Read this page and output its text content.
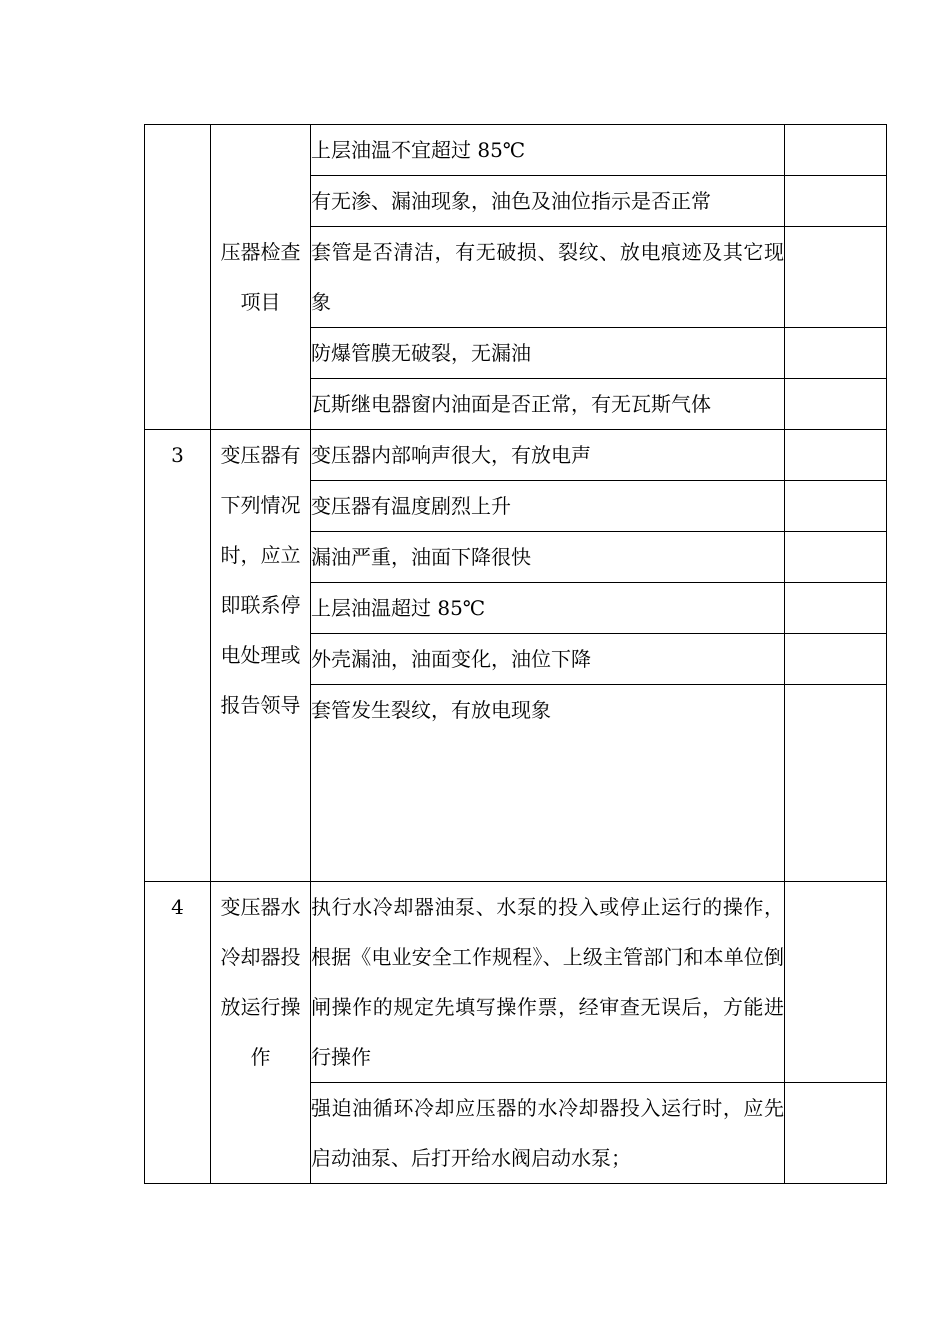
	压器检查项目	上层油温不宜超过 85℃	
		有无渗、漏油现象，油色及油位指示是否正常	
		套管是否清洁，有无破损、裂纹、放电痕迹及其它现象	
		防爆管膜无破裂，无漏油	
		瓦斯继电器窗内油面是否正常，有无瓦斯气体	
3	变压器有下列情况时，应立即联系停电处理或报告领导	变压器内部响声很大，有放电声	
		变压器有温度剧烈上升	
		漏油严重，油面下降很快	
		上层油温超过 85℃	
		外壳漏油，油面变化，油位下降	
		套管发生裂纹，有放电现象	
4	变压器水冷却器投放运行操作	执行水冷却器油泵、水泵的投入或停止运行的操作，根据《电业安全工作规程》、上级主管部门和本单位倒闸操作的规定先填写操作票，经审查无误后，方能进行操作	
		强迫油循环冷却应压器的水冷却器投入运行时，应先启动油泵、后打开给水阀启动水泵；	
